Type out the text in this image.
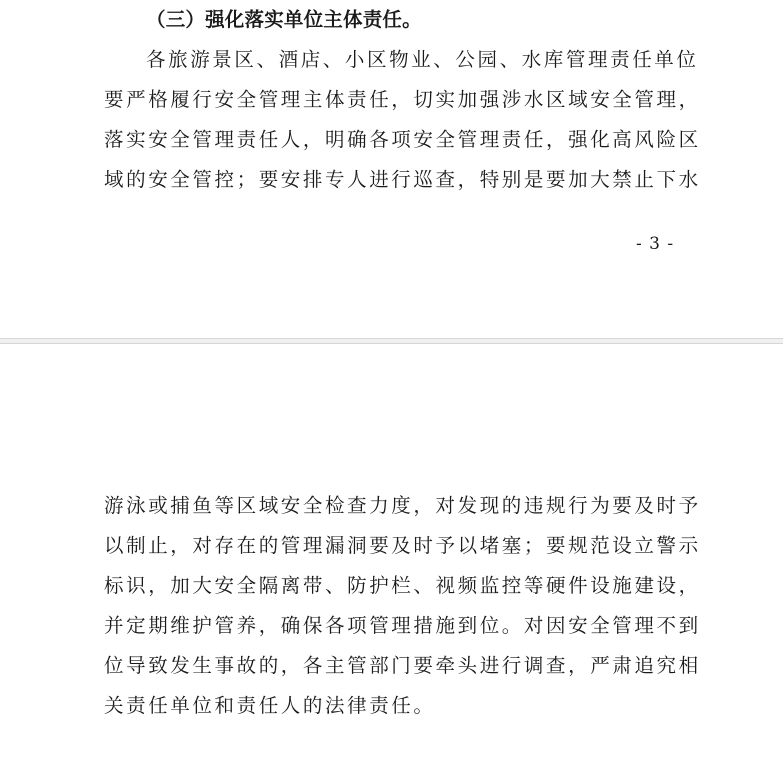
（三）强化落实单位主体责任。
各旅游景区、酒店、小区物业、公园、水库管理责任单位
要严格履行安全管理主体责任，切实加强涉水区域安全管理，
落实安全管理责任人，明确各项安全管理责任，强化高风险区
域的安全管控；要安排专人进行巡查，特别是要加大禁止下水
- 3 -
游泳或捕鱼等区域安全检查力度，对发现的违规行为要及时予
以制止，对存在的管理漏洞要及时予以堵塞；要规范设立警示
标识，加大安全隔离带、防护栏、视频监控等硬件设施建设，
并定期维护管养，确保各项管理措施到位。对因安全管理不到
位导致发生事故的，各主管部门要牵头进行调查，严肃追究相
关责任单位和责任人的法律责任。
